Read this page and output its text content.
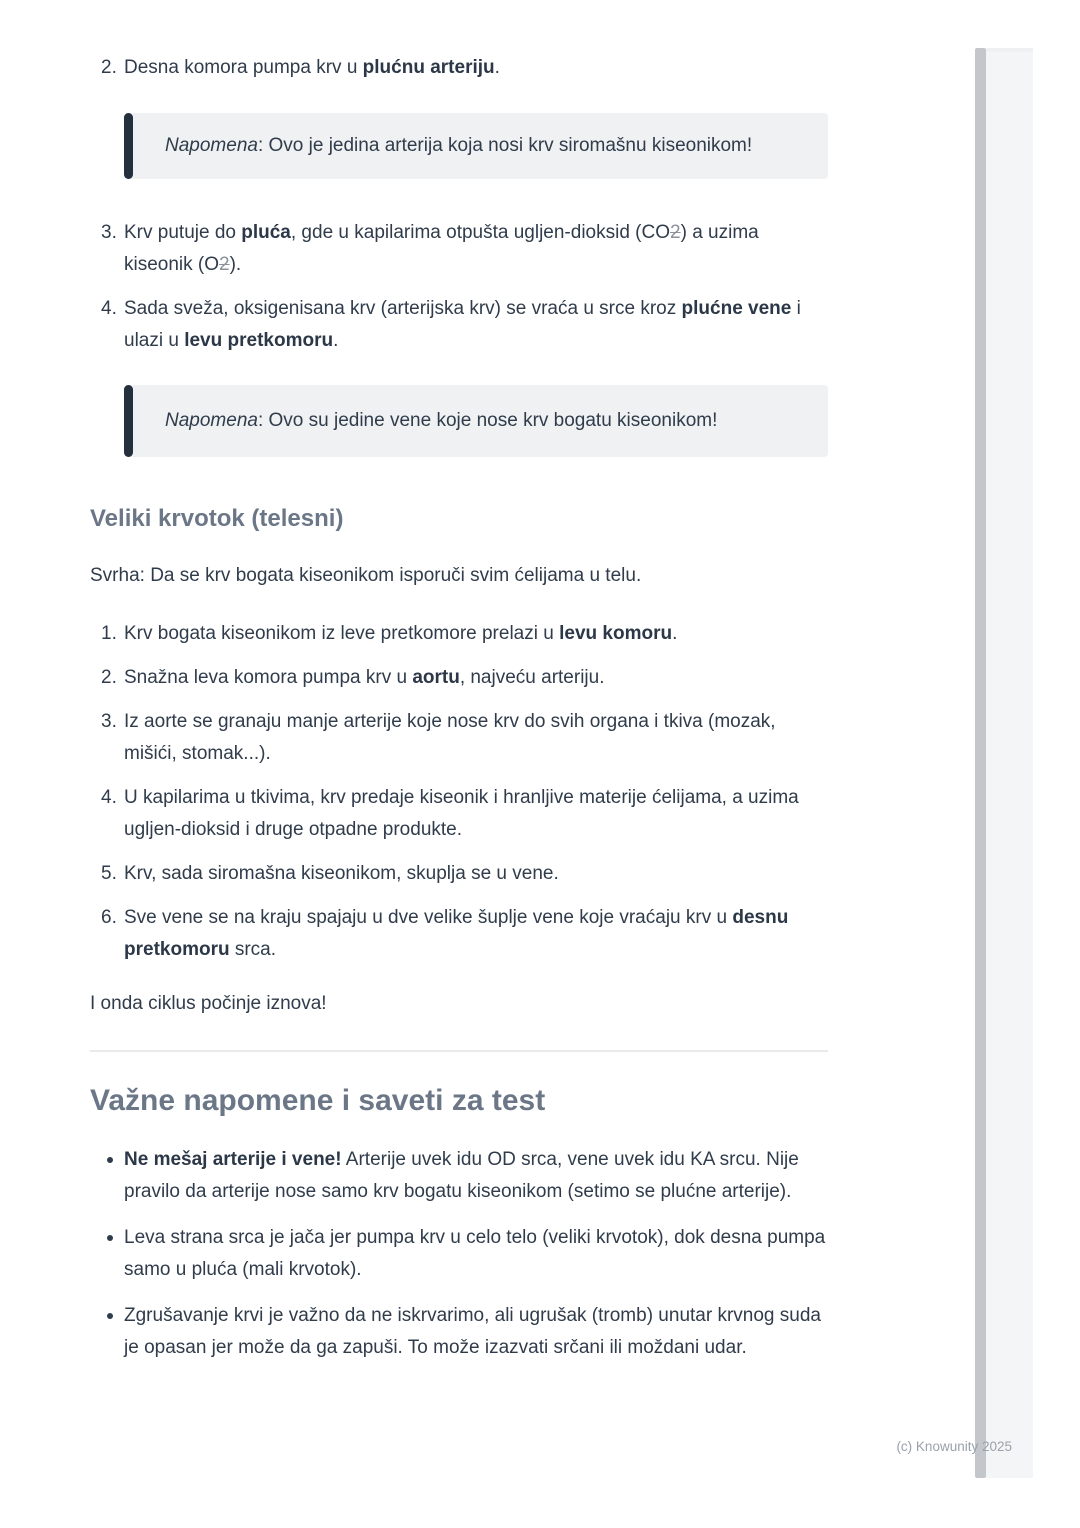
2. Desna komora pumpa krv u plućnu arteriju.

Napomena: Ovo je jedina arterija koja nosi krv siromašnu kiseonikom!

3. Krv putuje do pluća, gde u kapilarima otpušta ugljen-dioksid (CO2) a uzima kiseonik (O2).
4. Sada sveža, oksigenisana krv (arterijska krv) se vraća u srce kroz plućne vene i ulazi u levu pretkomoru.

Napomena: Ovo su jedine vene koje nose krv bogatu kiseonikom!

Veliki krvotok (telesni)

Svrha: Da se krv bogata kiseonikom isporuči svim ćelijama u telu.

1. Krv bogata kiseonikom iz leve pretkomore prelazi u levu komoru.
2. Snažna leva komora pumpa krv u aortu, najveću arteriju.
3. Iz aorte se granaju manje arterije koje nose krv do svih organa i tkiva (mozak, mišići, stomak...).
4. U kapilarima u tkivima, krv predaje kiseonik i hranljive materije ćelijama, a uzima ugljen-dioksid i druge otpadne produkte.
5. Krv, sada siromašna kiseonikom, skuplja se u vene.
6. Sve vene se na kraju spajaju u dve velike šuplje vene koje vraćaju krv u desnu pretkomoru srca.

I onda ciklus počinje iznova!

Važne napomene i saveti za test
Ne mešaj arterije i vene! Arterije uvek idu OD srca, vene uvek idu KA srcu. Nije pravilo da arterije nose samo krv bogatu kiseonikom (setimo se plućne arterije).
Leva strana srca je jača jer pumpa krv u celo telo (veliki krvotok), dok desna pumpa samo u pluća (mali krvotok).
Zgrušavanje krvi je važno da ne iskrvarimo, ali ugrušak (tromb) unutar krvnog suda je opasan jer može da ga zapuši. To može izazvati srčani ili moždani udar.
(c) Knowunity 2025
